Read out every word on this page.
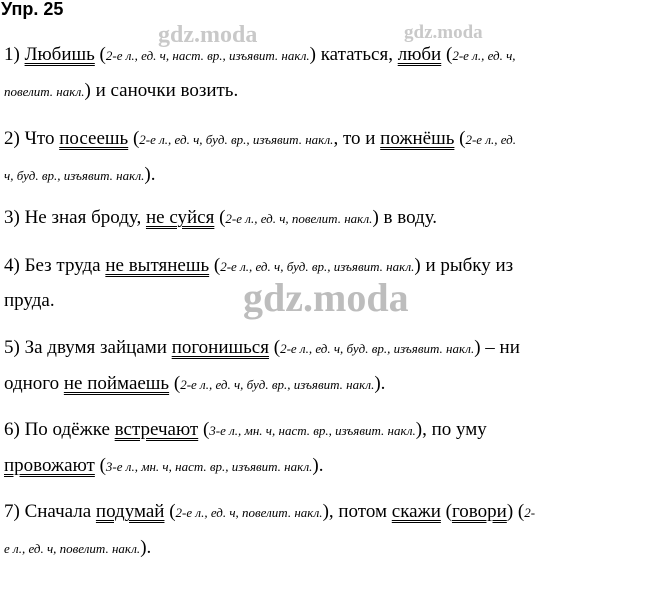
Упр. 25
gdz.moda	gdz.moda
gdz.moda
1) Любишь (2-е л., ед. ч, наст. вр., изъявит. накл.) кататься, люби (2-е л., ед. ч,
повелит. накл.) и саночки возить.
2) Что посеешь (2-е л., ед. ч, буд. вр., изъявит. накл., то и пожнёшь (2-е л., ед.
ч, буд. вр., изъявит. накл.).
3) Не зная броду, не суйся (2-е л., ед. ч, повелит. накл.) в воду.
4) Без труда не вытянешь (2-е л., ед. ч, буд. вр., изъявит. накл.) и рыбку из
пруда.
5) За двумя зайцами погонишься (2-е л., ед. ч, буд. вр., изъявит. накл.) – ни
одного не поймаешь (2-е л., ед. ч, буд. вр., изъявит. накл.).
6) По одёжке встречают (3-е л., мн. ч, наст. вр., изъявит. накл.), по уму
провожают (3-е л., мн. ч, наст. вр., изъявит. накл.).
7) Сначала подумай (2-е л., ед. ч, повелит. накл.), потом скажи (говори) (2-
е л., ед. ч, повелит. накл.).
